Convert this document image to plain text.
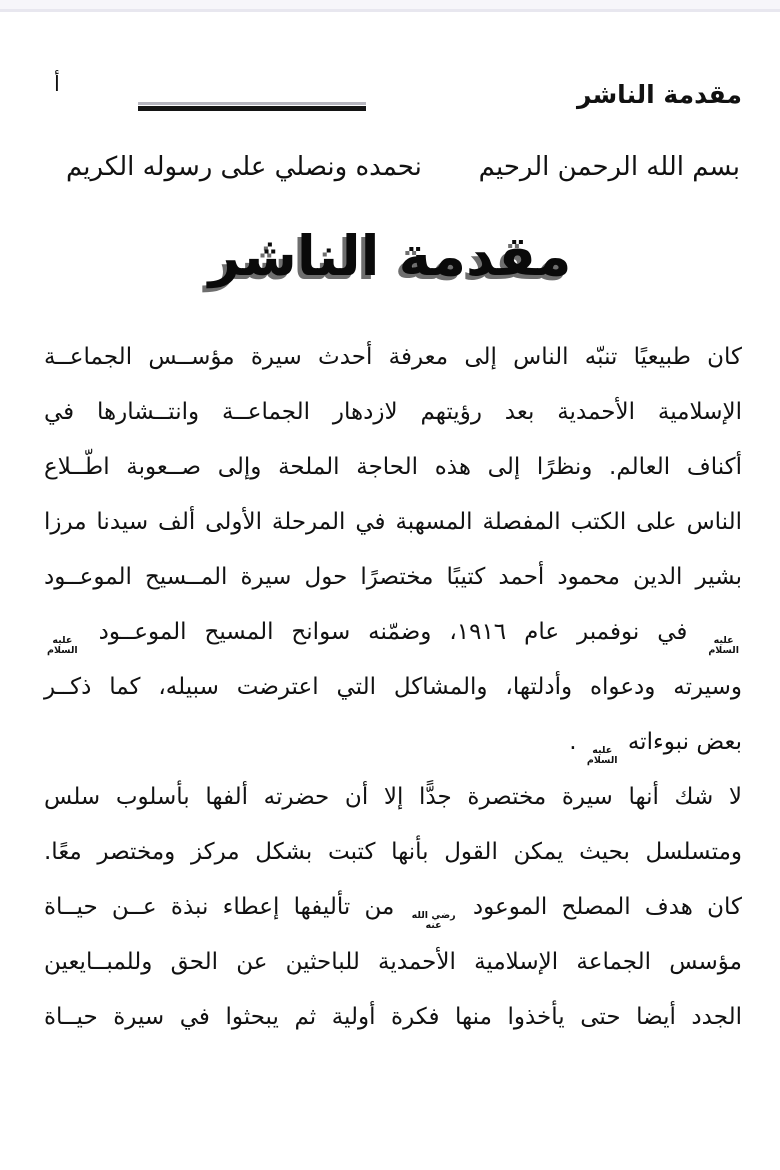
مقدمة الناشر
أ
بسم الله الرحمن الرحيم
نحمده ونصلي على رسوله الكريم
مقدمة الناشر
كان طبيعيًا تنبّه الناس إلى معرفة أحدث سيرة مؤســس الجماعــة
الإسلامية الأحمدية بعد رؤيتهم لازدهار الجماعــة وانتــشارها في
أكناف العالم. ونظرًا إلى هذه الحاجة الملحة وإلى صــعوبة اطّــلاع
الناس على الكتب المفصلة المسهبة في المرحلة الأولى ألف سيدنا مرزا
بشير الدين محمود أحمد كتيبًا مختصرًا حول سيرة المــسيح الموعــود
عليه
السلام
في نوفمبر عام ١٩١٦، وضمّنه سوانح المسيح الموعــود
عليه
السلام
وسيرته ودعواه وأدلتها، والمشاكل التي اعترضت سبيله، كما ذكــر
بعض نبوءاته
عليه
السلام
.
لا شك أنها سيرة مختصرة جدًّا إلا أن حضرته ألفها بأسلوب سلس
ومتسلسل بحيث يمكن القول بأنها كتبت بشكل مركز ومختصر معًا.
كان هدف المصلح الموعود
رضي الله
عنه
من تأليفها إعطاء نبذة عــن حيــاة
مؤسس الجماعة الإسلامية الأحمدية للباحثين عن الحق وللمبــايعين
الجدد أيضا حتى يأخذوا منها فكرة أولية ثم يبحثوا في سيرة حيــاة
